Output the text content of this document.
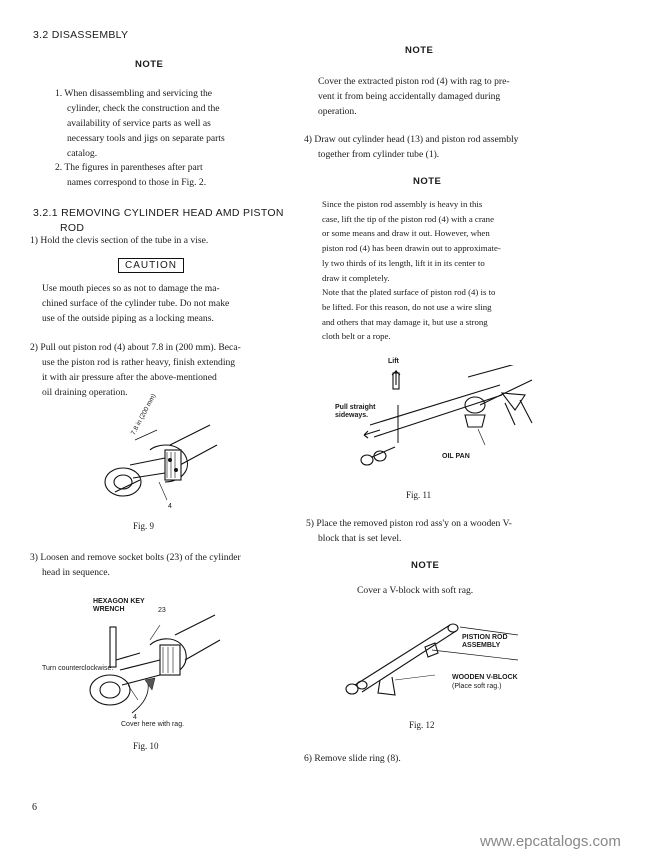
3.2 DISASSEMBLY
NOTE
1. When disassembling and servicing the
cylinder, check the construction and the
availability of service parts as well as
necessary tools and jigs on separate parts
catalog.
2. The figures in parentheses after part
names correspond to those in Fig. 2.
3.2.1 REMOVING CYLINDER HEAD AMD PISTON
ROD
1) Hold the clevis section of the tube in a vise.
CAUTION
Use mouth pieces so as not to damage the ma-
chined surface of the cylinder tube. Do not make
use of the outside piping as a locking means.
2) Pull out piston rod (4) about 7.8 in (200 mm). Beca-
use the piston rod is rather heavy, finish extending
it with air pressure after the above-mentioned
oil draining operation.
7.8 in (200 mm)
4
Fig. 9
3) Loosen and remove socket bolts (23) of the cylinder
head in sequence.
HEXAGON KEY
WRENCH	23
Turn counterclockwise.
4
Cover here with rag.
Fig. 10
6
NOTE
Cover the extracted piston rod (4) with rag to pre-
vent it from being accidentally damaged during
operation.
4) Draw out cylinder head (13) and piston rod assembly
together from cylinder tube (1).
NOTE
Since the piston rod assembly is heavy in this
case, lift the tip of the piston rod (4) with a crane
or some means and draw it out. However, when
piston rod (4) has been drawin out to approximate-
ly two thirds of its length, lift it in its center to
draw it completely.
Note that the plated surface of piston rod (4) is to
be lifted. For this reason, do not use a wire sling
and others that may damage it, but use a strong
cloth belt or a rope.
Lift
Pull straight
sideways.
OIL PAN
Fig. 11
5) Place the removed piston rod ass'y on a wooden V-
block that is set level.
NOTE
Cover a V-block with soft rag.
PISTION ROD
ASSEMBLY
WOODEN V-BLOCK
(Place soft rag.)
Fig. 12
6) Remove slide ring (8).
www.epcatalogs.com
